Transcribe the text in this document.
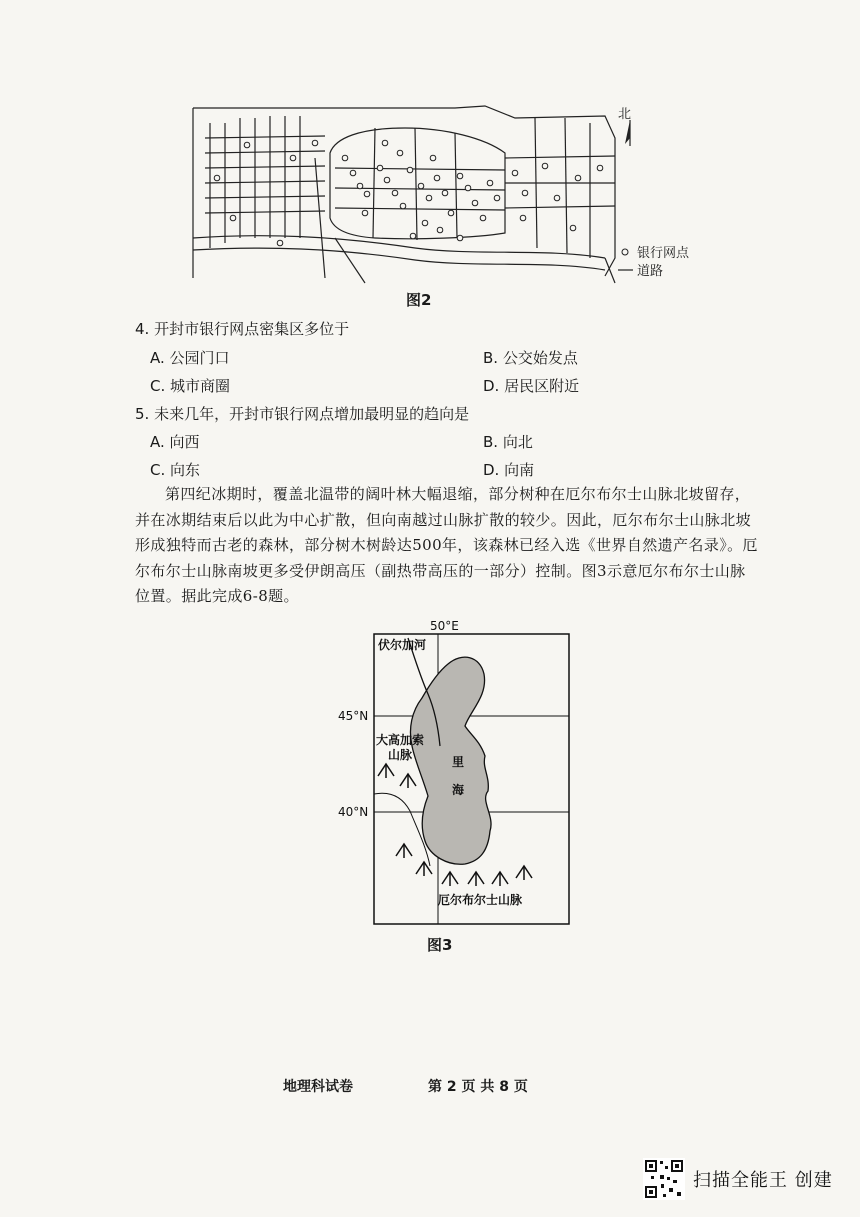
北
银行网点
道路
图2
4. 开封市银行网点密集区多位于
A. 公园门口	B. 公交始发点
C. 城市商圈	D. 居民区附近
5. 未来几年，开封市银行网点增加最明显的趋向是
A. 向西	B. 向北
C. 向东	D. 向南

第四纪冰期时，覆盖北温带的阔叶林大幅退缩，部分树种在厄尔布尔士山脉北坡留存，并在冰期结束后以此为中心扩散，但向南越过山脉扩散的较少。因此，厄尔布尔士山脉北坡形成独特而古老的森林，部分树木树龄达500年，该森林已经入选《世界自然遗产名录》。厄尔布尔士山脉南坡更多受伊朗高压（副热带高压的一部分）控制。图3示意厄尔布尔士山脉位置。据此完成6-8题。

50°E
45°N
40°N
伏尔加河
大高加索
山脉	里
海
厄尔布尔士山脉
图3
地理科试卷	第 2 页 共 8 页
扫描全能王 创建
